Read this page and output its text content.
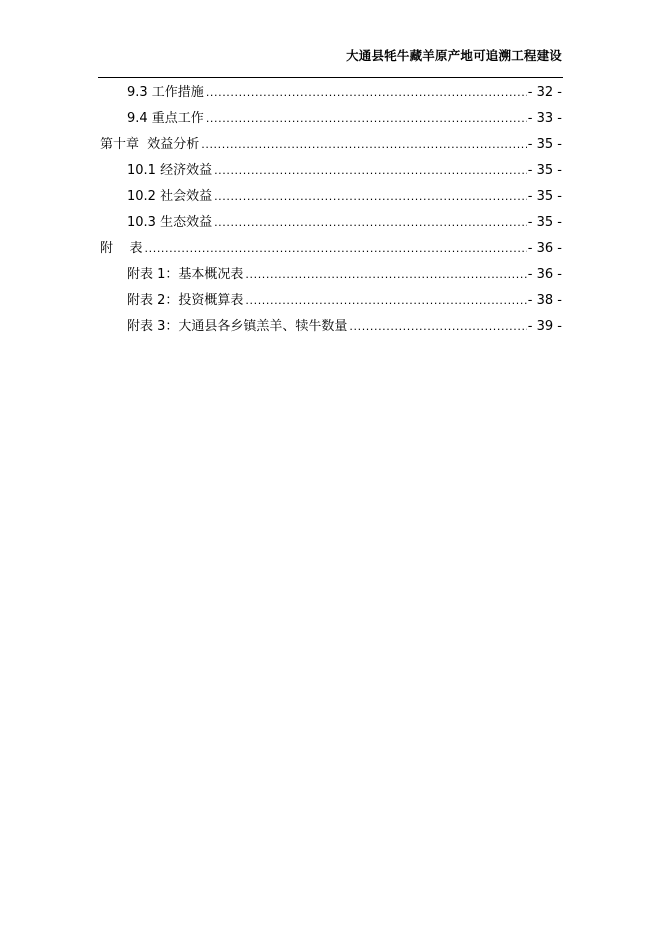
大通县牦牛藏羊原产地可追溯工程建设
9.3 工作措施 .....	- 32 -
9.4 重点工作 .....	- 33 -
第十章  效益分析 .....	- 35 -
10.1 经济效益 .....	- 35 -
10.2 社会效益 .....	- 35 -
10.3 生态效益 .....	- 35 -
附    表 .....	- 36 -
附表 1：基本概况表 .....	- 36 -
附表 2：投资概算表 .....	- 38 -
附表 3：大通县各乡镇羔羊、犊牛数量 .....	- 39 -
